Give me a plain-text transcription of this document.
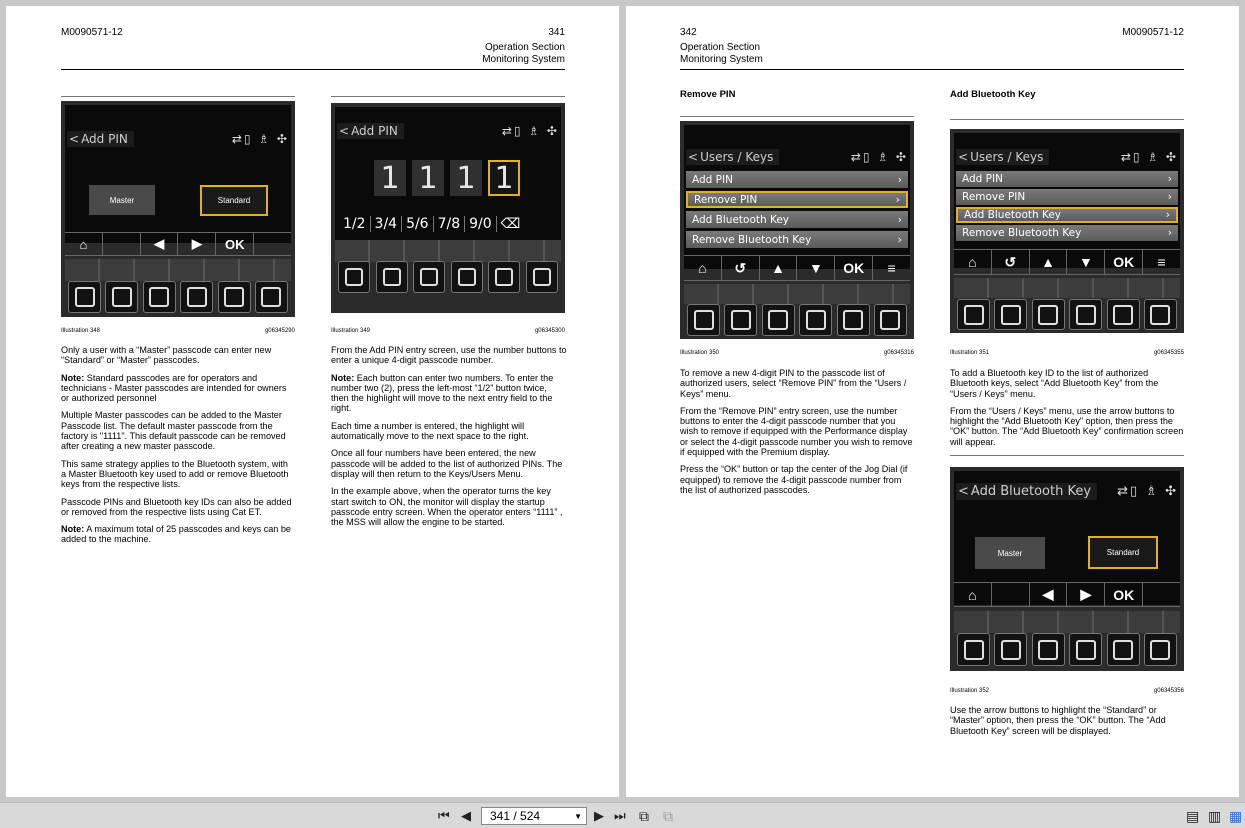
M0090571-12	341
Operation Section
Monitoring System
< Add PIN	⇄▯ ♗ ✣
Master	Standard
⌂	◀	▶	OK
Illustration 348	g06345290
< Add PIN	⇄▯ ♗ ✣
1 1 1 1
1/2 3/4 5/6 7/8 9/0 ⌫
Illustration 349	g06345300

Only a user with a “Master” passcode can enter new “Standard” or “Master” passcodes.

Note: Standard passcodes are for operators and technicians - Master passcodes are intended for owners or authorized personnel

Multiple Master passcodes can be added to the Master Passcode list. The default master passcode from the factory is "1111". This default passcode can be removed after creating a new master passcode.

This same strategy applies to the Bluetooth system, with a Master Bluetooth key used to add or remove Bluetooth keys from the respective lists.

Passcode PINs and Bluetooth key IDs can also be added or removed from the respective lists using Cat ET.

Note: A maximum total of 25 passcodes and keys can be added to the machine.

From the Add PIN entry screen, use the number buttons to enter a unique 4-digit passcode number.

Note: Each button can enter two numbers. To enter the number two (2), press the left-most “1/2” button twice, then the highlight will move to the next entry field to the right.

Each time a number is entered, the highlight will automatically move to the next space to the right.

Once all four numbers have been entered, the new passcode will be added to the list of authorized PINs. The display will then return to the Keys/Users Menu.

In the example above, when the operator turns the key start switch to ON, the monitor will display the startup passcode entry screen. When the operator enters “1111” , the MSS will allow the engine to be started.

342	M0090571-12
Operation Section
Monitoring System
Remove PIN	Add Bluetooth Key
< Users / Keys	⇄▯ ♗ ✣
Add PIN	›
Remove PIN	›
Add Bluetooth Key	›
Remove Bluetooth Key	›
⌂	↺	▲	▼	OK	≡
Illustration 350	g06345316

To remove a new 4-digit PIN to the passcode list of authorized users, select “Remove PIN” from the “Users / Keys” menu.

From the “Remove PIN” entry screen, use the number buttons to enter the 4-digit passcode number that you wish to remove if equipped with the Performance display or select the 4-digit passcode number you wish to remove if equipped with the Premium display.

Press the “OK” button or tap the center of the Jog Dial (if equipped) to remove the 4-digit passcode number from the list of authorized passcodes.

< Users / Keys	⇄▯ ♗ ✣
Add PIN	›
Remove PIN	›
Add Bluetooth Key	›
Remove Bluetooth Key	›
⌂	↺	▲	▼	OK	≡
Illustration 351	g06345355

To add a Bluetooth key ID to the list of authorized Bluetooth keys, select “Add Bluetooth Key” from the “Users / Keys” menu.

From the “Users / Keys” menu, use the arrow buttons to highlight the “Add Bluetooth Key” option, then press the “OK” button. The “Add Bluetooth Key” confirmation screen will appear.

< Add Bluetooth Key ⇄▯ ♗ ✣
Master	Standard
⌂	◀	▶	OK
Illustration 352	g06345356

Use the arrow buttons to highlight the “Standard” or “Master” option, then press the “OK” button. The “Add Bluetooth Key” screen will be displayed.

⏮ ◀ 341 / 524	▼ ▶ ⏭ ⧉ ⧉	▤ ▥ ▦
